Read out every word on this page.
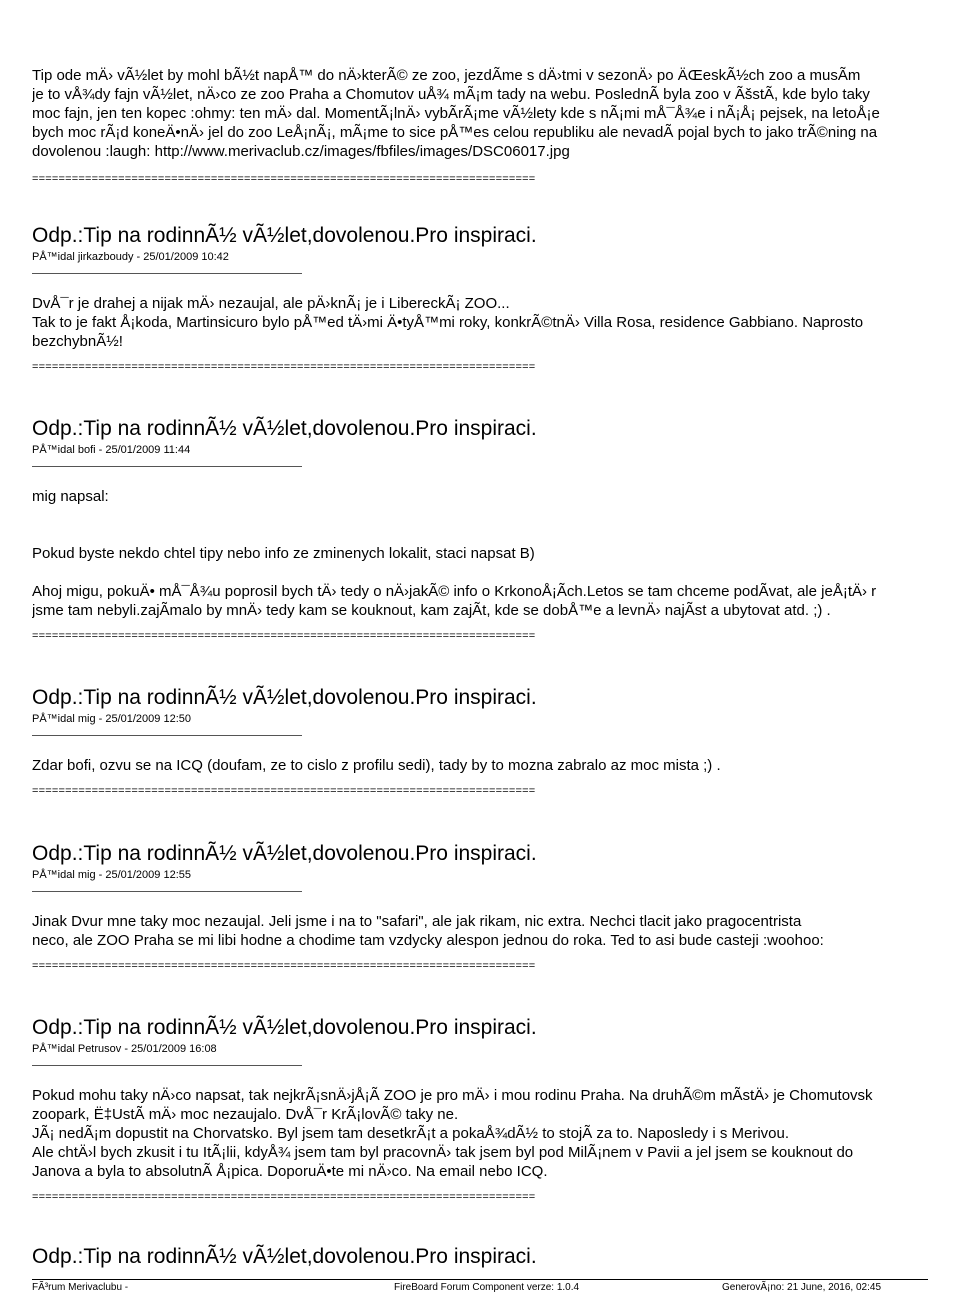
Tip ode mÄ› vÃ½let by mohl bÃ½t napÅ™ do nÄ›kterÃ© ze zoo, jezdÃme s dÄ›tmi v sezonÄ› po ÄŒeskÃ½ch zoo a musÃm
je to vÅ¾dy fajn vÃ½let, nÄ›co ze zoo Praha a Chomutov uÅ¾ mÃ¡m tady na webu. PoslednÃ byla zoo v ÃšstÃ, kde bylo taky
moc fajn, jen ten kopec :ohmy: ten mÄ› dal. MomentÃ¡lnÄ› vybÃrÃ¡me vÃ½lety kde s nÃ¡mi mÅ¯Å¾e i nÃ¡Å¡ pejsek, na letoÅ¡e
bych moc rÃ¡d koneÄ•nÄ› jel do zoo LeÅ¡nÃ¡, mÃ¡me to sice pÅ™es celou republiku ale nevadÃ pojal bych to jako trÃ©ning na
dovolenou :laugh: http://www.merivaclub.cz/images/fbfiles/images/DSC06017.jpg
============================================================================
Odp.:Tip na rodinnÃ½ vÃ½let,dovolenou.Pro inspiraci.
PÅ™idal jirkazboudy - 25/01/2009 10:42
DvÅ¯r je drahej a nijak mÄ› nezaujal, ale pÄ›knÃ¡ je i LibereckÃ¡ ZOO...
Tak to je fakt Å¡koda, Martinsicuro bylo pÅ™ed tÄ›mi Ä•tyÅ™mi roky, konkrÃ©tnÄ› Villa Rosa, residence Gabbiano. Naprosto
bezchybnÃ½!
============================================================================
Odp.:Tip na rodinnÃ½ vÃ½let,dovolenou.Pro inspiraci.
PÅ™idal bofi - 25/01/2009 11:44
mig napsal:
Pokud byste nekdo chtel tipy nebo info ze zminenych lokalit, staci napsat B)
Ahoj migu, pokuÄ• mÅ¯Å¾u poprosil bych tÄ› tedy o nÄ›jakÃ© info o KrkonoÅ¡Ãch.Letos se tam chceme podÃvat, ale jeÅ¡tÄ› r
jsme tam nebyli.zajÃmalo by mnÄ› tedy kam se kouknout, kam zajÃt, kde se dobÅ™e a levnÄ› najÃst a ubytovat atd. ;) .
============================================================================
Odp.:Tip na rodinnÃ½ vÃ½let,dovolenou.Pro inspiraci.
PÅ™idal mig - 25/01/2009 12:50
Zdar bofi, ozvu se na ICQ (doufam, ze to cislo z profilu sedi), tady by to mozna zabralo az moc mista ;) .
============================================================================
Odp.:Tip na rodinnÃ½ vÃ½let,dovolenou.Pro inspiraci.
PÅ™idal mig - 25/01/2009 12:55
Jinak Dvur mne taky moc nezaujal. Jeli jsme i na to "safari", ale jak rikam, nic extra. Nechci tlacit jako pragocentrista
neco, ale ZOO Praha se mi libi hodne a chodime tam vzdycky alespon jednou do roka. Ted to asi bude casteji :woohoo:
============================================================================
Odp.:Tip na rodinnÃ½ vÃ½let,dovolenou.Pro inspiraci.
PÅ™idal Petrusov - 25/01/2009 16:08
Pokud mohu taky nÄ›co napsat, tak nejkrÃ¡snÄ›jÅ¡Ã ZOO je pro mÄ› i mou rodinu Praha. Na druhÃ©m mÃstÄ› je Chomutovsk
zoopark, Ë‡UstÃ mÄ› moc nezaujalo. DvÅ¯r KrÃ¡lovÃ© taky ne.
JÃ¡ nedÃ¡m dopustit na Chorvatsko. Byl jsem tam desetkrÃ¡t a pokaÅ¾dÃ½ to stojÃ za to. Naposledy i s Merivou.
Ale chtÄ›l bych zkusit i tu ItÃ¡lii, kdyÅ¾ jsem tam byl pracovnÄ› tak jsem byl pod MilÃ¡nem v Pavii a jel jsem se kouknout do
Janova a byla to absolutnÃ Å¡pica. DoporuÄ•te mi nÄ›co. Na email nebo ICQ.
============================================================================
Odp.:Tip na rodinnÃ½ vÃ½let,dovolenou.Pro inspiraci.
FÃ³rum Merivaclubu -	FireBoard Forum Component verze: 1.0.4	GenerovÃ¡no: 21 June, 2016, 02:45
